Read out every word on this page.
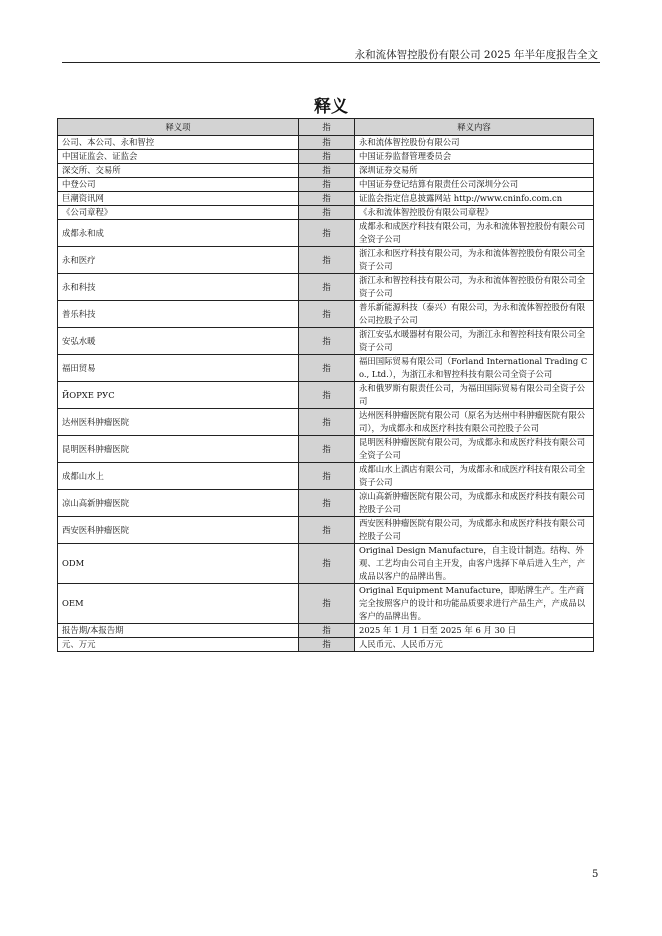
永和流体智控股份有限公司 2025 年半年度报告全文
释义
释义项	指	释义内容
公司、本公司、永和智控	指	永和流体智控股份有限公司
中国证监会、证监会	指	中国证券监督管理委员会
深交所、交易所	指	深圳证券交易所
中登公司	指	中国证券登记结算有限责任公司深圳分公司
巨潮资讯网	指	证监会指定信息披露网站 http://www.cninfo.com.cn
《公司章程》	指	《永和流体智控股份有限公司章程》
成都永和成	指	成都永和成医疗科技有限公司，为永和流体智控股份有限公司全资子公司
永和医疗	指	浙江永和医疗科技有限公司，为永和流体智控股份有限公司全资子公司
永和科技	指	浙江永和智控科技有限公司，为永和流体智控股份有限公司全资子公司
普乐科技	指	普乐新能源科技（泰兴）有限公司，为永和流体智控股份有限公司控股子公司
安弘水暖	指	浙江安弘水暖器材有限公司，为浙江永和智控科技有限公司全资子公司
福田贸易	指	福田国际贸易有限公司（Forland International Trading Co., Ltd.），为浙江永和智控科技有限公司全资子公司
ЙОРХЕ РУС	指	永和俄罗斯有限责任公司，为福田国际贸易有限公司全资子公司
达州医科肿瘤医院	指	达州医科肿瘤医院有限公司（原名为达州中科肿瘤医院有限公司），为成都永和成医疗科技有限公司控股子公司
昆明医科肿瘤医院	指	昆明医科肿瘤医院有限公司，为成都永和成医疗科技有限公司全资子公司
成都山水上	指	成都山水上酒店有限公司，为成都永和成医疗科技有限公司全资子公司
凉山高新肿瘤医院	指	凉山高新肿瘤医院有限公司，为成都永和成医疗科技有限公司控股子公司
西安医科肿瘤医院	指	西安医科肿瘤医院有限公司，为成都永和成医疗科技有限公司控股子公司
ODM	指	Original Design Manufacture，自主设计制造。结构、外观、工艺均由公司自主开发，由客户选择下单后进入生产，产成品以客户的品牌出售。
OEM	指	Original Equipment Manufacture，即贴牌生产。生产商完全按照客户的设计和功能品质要求进行产品生产，产成品以客户的品牌出售。
报告期/本报告期	指	2025 年 1 月 1 日至 2025 年 6 月 30 日
元、万元	指	人民币元、人民币万元
5
